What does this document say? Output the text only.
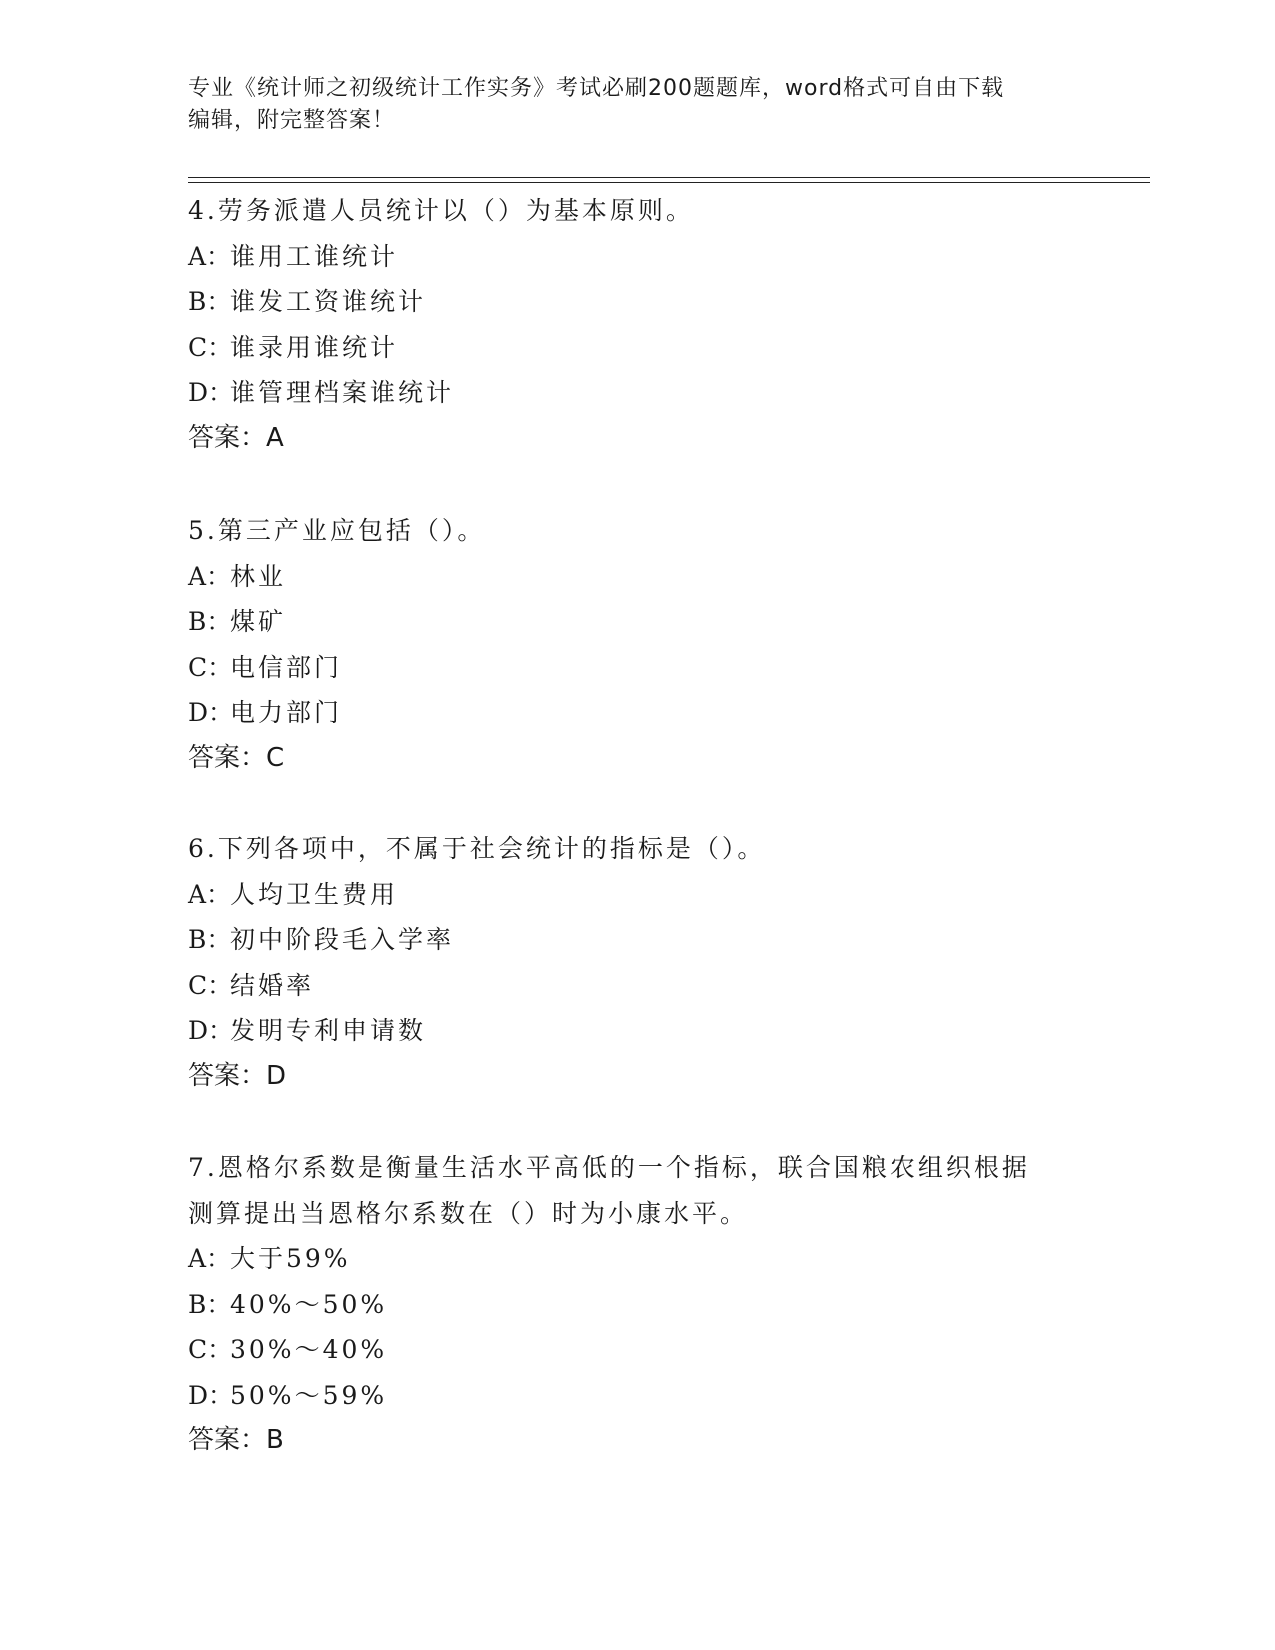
专业《统计师之初级统计工作实务》考试必刷200题题库，word格式可自由下载
编辑，附完整答案！

4.劳务派遣人员统计以（）为基本原则。

A：谁用工谁统计

B：谁发工资谁统计

C：谁录用谁统计

D：谁管理档案谁统计

答案：A

5.第三产业应包括（）。

A：林业

B：煤矿

C：电信部门

D：电力部门

答案：C

6.下列各项中，不属于社会统计的指标是（）。

A：人均卫生费用

B：初中阶段毛入学率

C：结婚率

D：发明专利申请数

答案：D

7.恩格尔系数是衡量生活水平高低的一个指标，联合国粮农组织根据

测算提出当恩格尔系数在（）时为小康水平。

A：大于59%

B：40%～50%

C：30%～40%

D：50%～59%

答案：B
